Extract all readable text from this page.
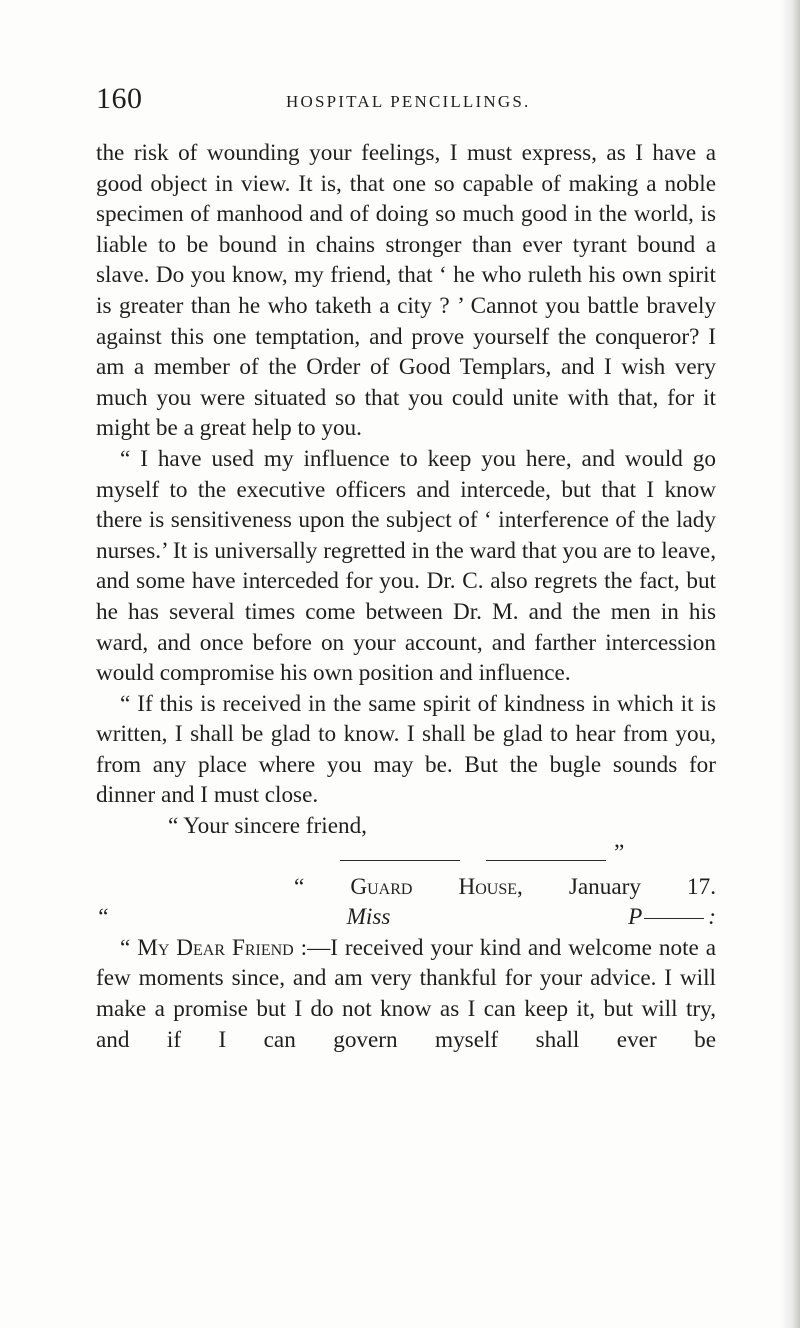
160	HOSPITAL PENCILLINGS.

the risk of wounding your feelings, I must express, as I have a good object in view. It is, that one so capable of making a noble specimen of manhood and of doing so much good in the world, is liable to be bound in chains stronger than ever tyrant bound a slave. Do you know, my friend, that ‘ he who ruleth his own spirit is greater than he who taketh a city ? ’ Cannot you battle bravely against this one temptation, and prove yourself the conqueror? I am a member of the Order of Good Templars, and I wish very much you were situated so that you could unite with that, for it might be a great help to you.

“ I have used my influence to keep you here, and would go myself to the executive officers and intercede, but that I know there is sensitiveness upon the subject of ‘ interference of the lady nurses.’ It is universally regretted in the ward that you are to leave, and some have interceded for you. Dr. C. also regrets the fact, but he has several times come between Dr. M. and the men in his ward, and once before on your account, and farther intercession would compromise his own position and influence.

“ If this is received in the same spirit of kindness in which it is written, I shall be glad to know. I shall be glad to hear from you, from any place where you may be. But the bugle sounds for dinner and I must close.

“ Your sincere friend,

”

“ Guard House, January 17.

“ Miss P	:

“ My Dear Friend :—I received your kind and welcome note a few moments since, and am very thankful for your advice. I will make a promise but I do not know as I can keep it, but will try, and if I can govern myself shall ever be
